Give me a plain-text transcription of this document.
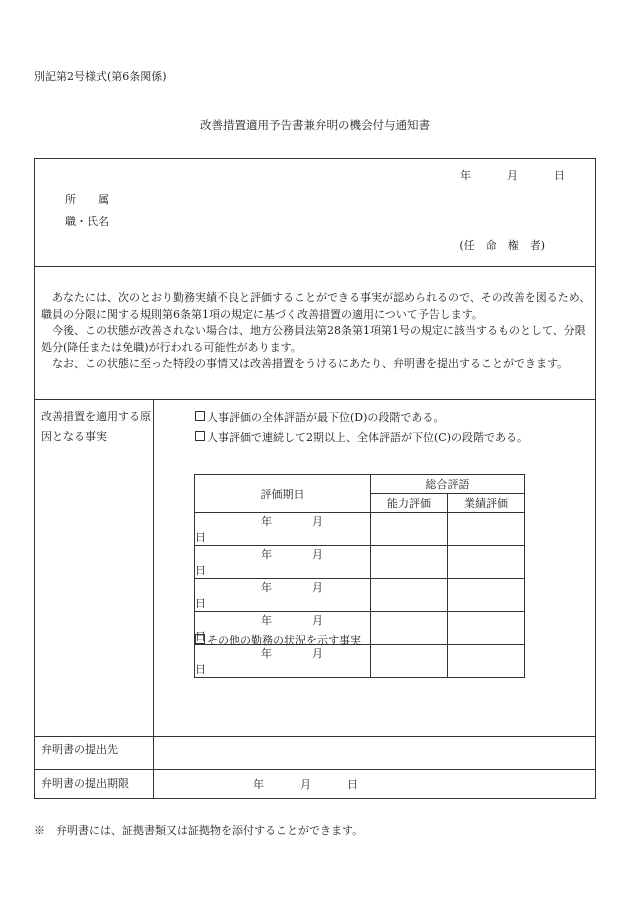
別記第2号様式(第6条関係)
改善措置適用予告書兼弁明の機会付与通知書
年	月	日
所　　属
職・氏名
(任　命　権　者)

あなたには、次のとおり勤務実績不良と評価することができる事実が認められるので、その改善を図るため、職員の分限に関する規則第6条第1項の規定に基づく改善措置の適用について予告します。

今後、この状態が改善されない場合は、地方公務員法第28条第1項第1号の規定に該当するものとして、分限処分(降任または免職)が行われる可能性があります。

なお、この状態に至った特段の事情又は改善措置をうけるにあたり、弁明書を提出することができます。

改善措置を適用する原因となる事実
人事評価の全体評語が最下位(D)の段階である。
人事評価で連続して2期以上、全体評語が下位(C)の段階である。
評価期日	総合評語	
	能力評価	業績評価
年 月日		
年 月日		
年 月日		
年 月日		
年 月日		
その他の勤務の状況を示す事実
弁明書の提出先
弁明書の提出期限	年	月	日
※　弁明書には、証拠書類又は証拠物を添付することができます。
